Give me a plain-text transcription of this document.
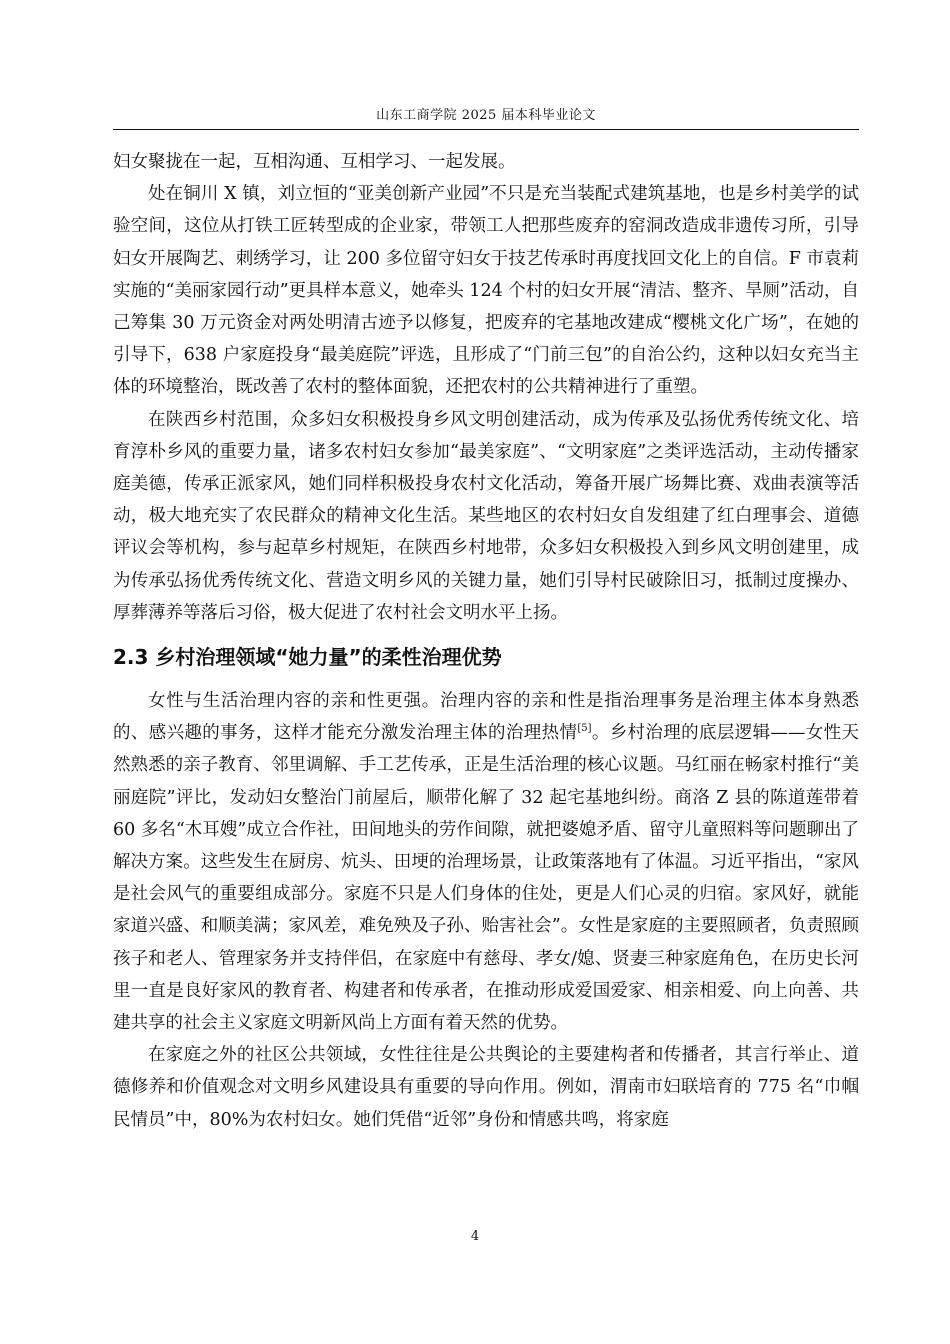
山东工商学院 2025 届本科毕业论文

妇女聚拢在一起，互相沟通、互相学习、一起发展。

处在铜川 X 镇，刘立恒的“亚美创新产业园”不只是充当装配式建筑基地，也是乡村美学的试验空间，这位从打铁工匠转型成的企业家，带领工人把那些废弃的窑洞改造成非遗传习所，引导妇女开展陶艺、刺绣学习，让 200 多位留守妇女于技艺传承时再度找回文化上的自信。F 市袁莉实施的“美丽家园行动”更具样本意义，她牵头 124 个村的妇女开展“清洁、整齐、旱厕”活动，自己筹集 30 万元资金对两处明清古迹予以修复，把废弃的宅基地改建成“樱桃文化广场”，在她的引导下，638 户家庭投身“最美庭院”评选，且形成了“门前三包”的自治公约，这种以妇女充当主体的环境整治，既改善了农村的整体面貌，还把农村的公共精神进行了重塑。

在陕西乡村范围，众多妇女积极投身乡风文明创建活动，成为传承及弘扬优秀传统文化、培育淳朴乡风的重要力量，诸多农村妇女参加“最美家庭”、“文明家庭”之类评选活动，主动传播家庭美德，传承正派家风，她们同样积极投身农村文化活动，筹备开展广场舞比赛、戏曲表演等活动，极大地充实了农民群众的精神文化生活。某些地区的农村妇女自发组建了红白理事会、道德评议会等机构，参与起草乡村规矩，在陕西乡村地带，众多妇女积极投入到乡风文明创建里，成为传承弘扬优秀传统文化、营造文明乡风的关键力量，她们引导村民破除旧习，抵制过度操办、厚葬薄养等落后习俗，极大促进了农村社会文明水平上扬。

2.3 乡村治理领域“她力量”的柔性治理优势

女性与生活治理内容的亲和性更强。治理内容的亲和性是指治理事务是治理主体本身熟悉的、感兴趣的事务，这样才能充分激发治理主体的治理热情[5]。乡村治理的底层逻辑——女性天然熟悉的亲子教育、邻里调解、手工艺传承，正是生活治理的核心议题。马红丽在畅家村推行“美丽庭院”评比，发动妇女整治门前屋后，顺带化解了 32 起宅基地纠纷。商洛 Z 县的陈道莲带着 60 多名“木耳嫂”成立合作社，田间地头的劳作间隙，就把婆媳矛盾、留守儿童照料等问题聊出了解决方案。这些发生在厨房、炕头、田埂的治理场景，让政策落地有了体温。习近平指出，“家风是社会风气的重要组成部分。家庭不只是人们身体的住处，更是人们心灵的归宿。家风好，就能家道兴盛、和顺美满；家风差，难免殃及子孙、贻害社会”。女性是家庭的主要照顾者，负责照顾孩子和老人、管理家务并支持伴侣，在家庭中有慈母、孝女/媳、贤妻三种家庭角色，在历史长河里一直是良好家风的教育者、构建者和传承者，在推动形成爱国爱家、相亲相爱、向上向善、共建共享的社会主义家庭文明新风尚上方面有着天然的优势。

在家庭之外的社区公共领域，女性往往是公共舆论的主要建构者和传播者，其言行举止、道德修养和价值观念对文明乡风建设具有重要的导向作用。例如，渭南市妇联培育的 775 名“巾帼民情员”中，80%为农村妇女。她们凭借“近邻”身份和情感共鸣，将家庭

4
